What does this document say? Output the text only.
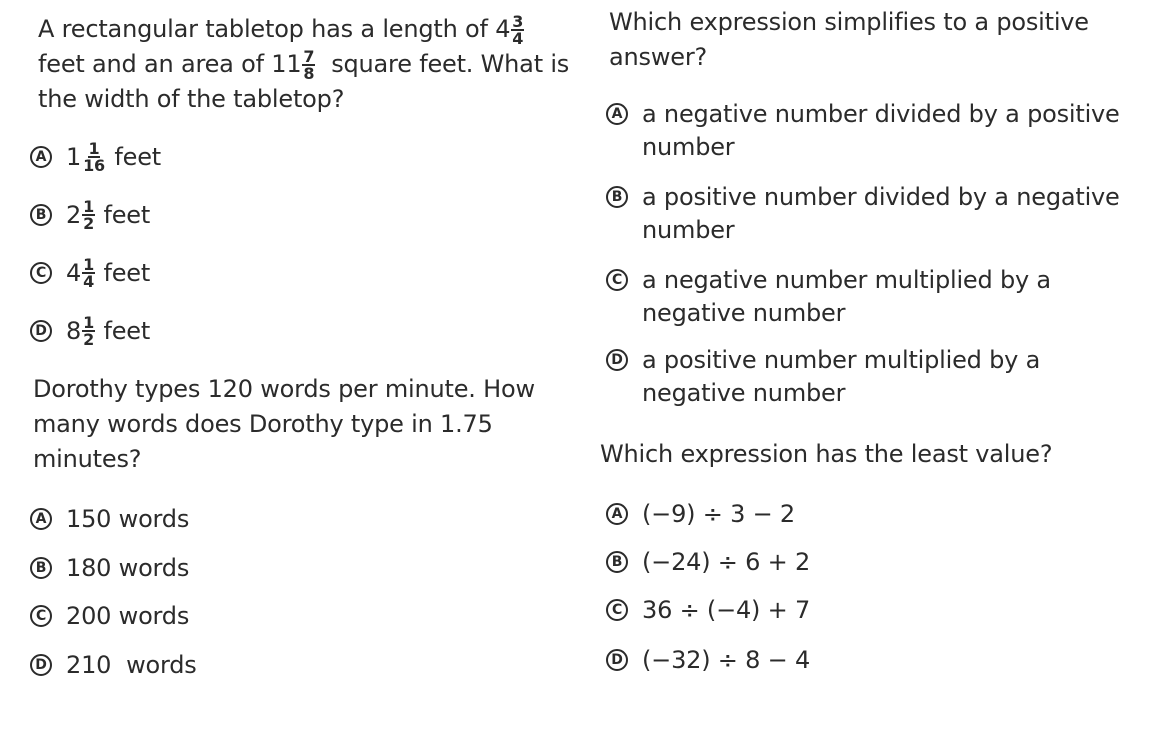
A rectangular tabletop has a length of $4 \frac{3}{4}$
feet and an area of $11 \frac{7}{8}$ square feet. What is
the width of the tabletop?
A $1 \frac{1}{16}$
feet
B $2 \frac{1}{2}$
feet
C $4 \frac{1}{4}$
feet
D $8 \frac{1}{2}$
feet
Dorothy types 120 words per minute. How
many words does Dorothy type in 1.75
minutes?
A 150 words
B 180 words
C 200 words
D 210  words
Which expression simplifies to a positive
answer?
A a negative number divided by a positive
number
B a positive number divided by a negative
number
C a negative number multiplied by a
negative number
D a positive number multiplied by a
negative number
Which expression has the least value?
A (−9) ÷ 3 − 2
B (−24) ÷ 6 + 2
C 36 ÷ (−4) + 7
D (−32) ÷ 8 − 4
